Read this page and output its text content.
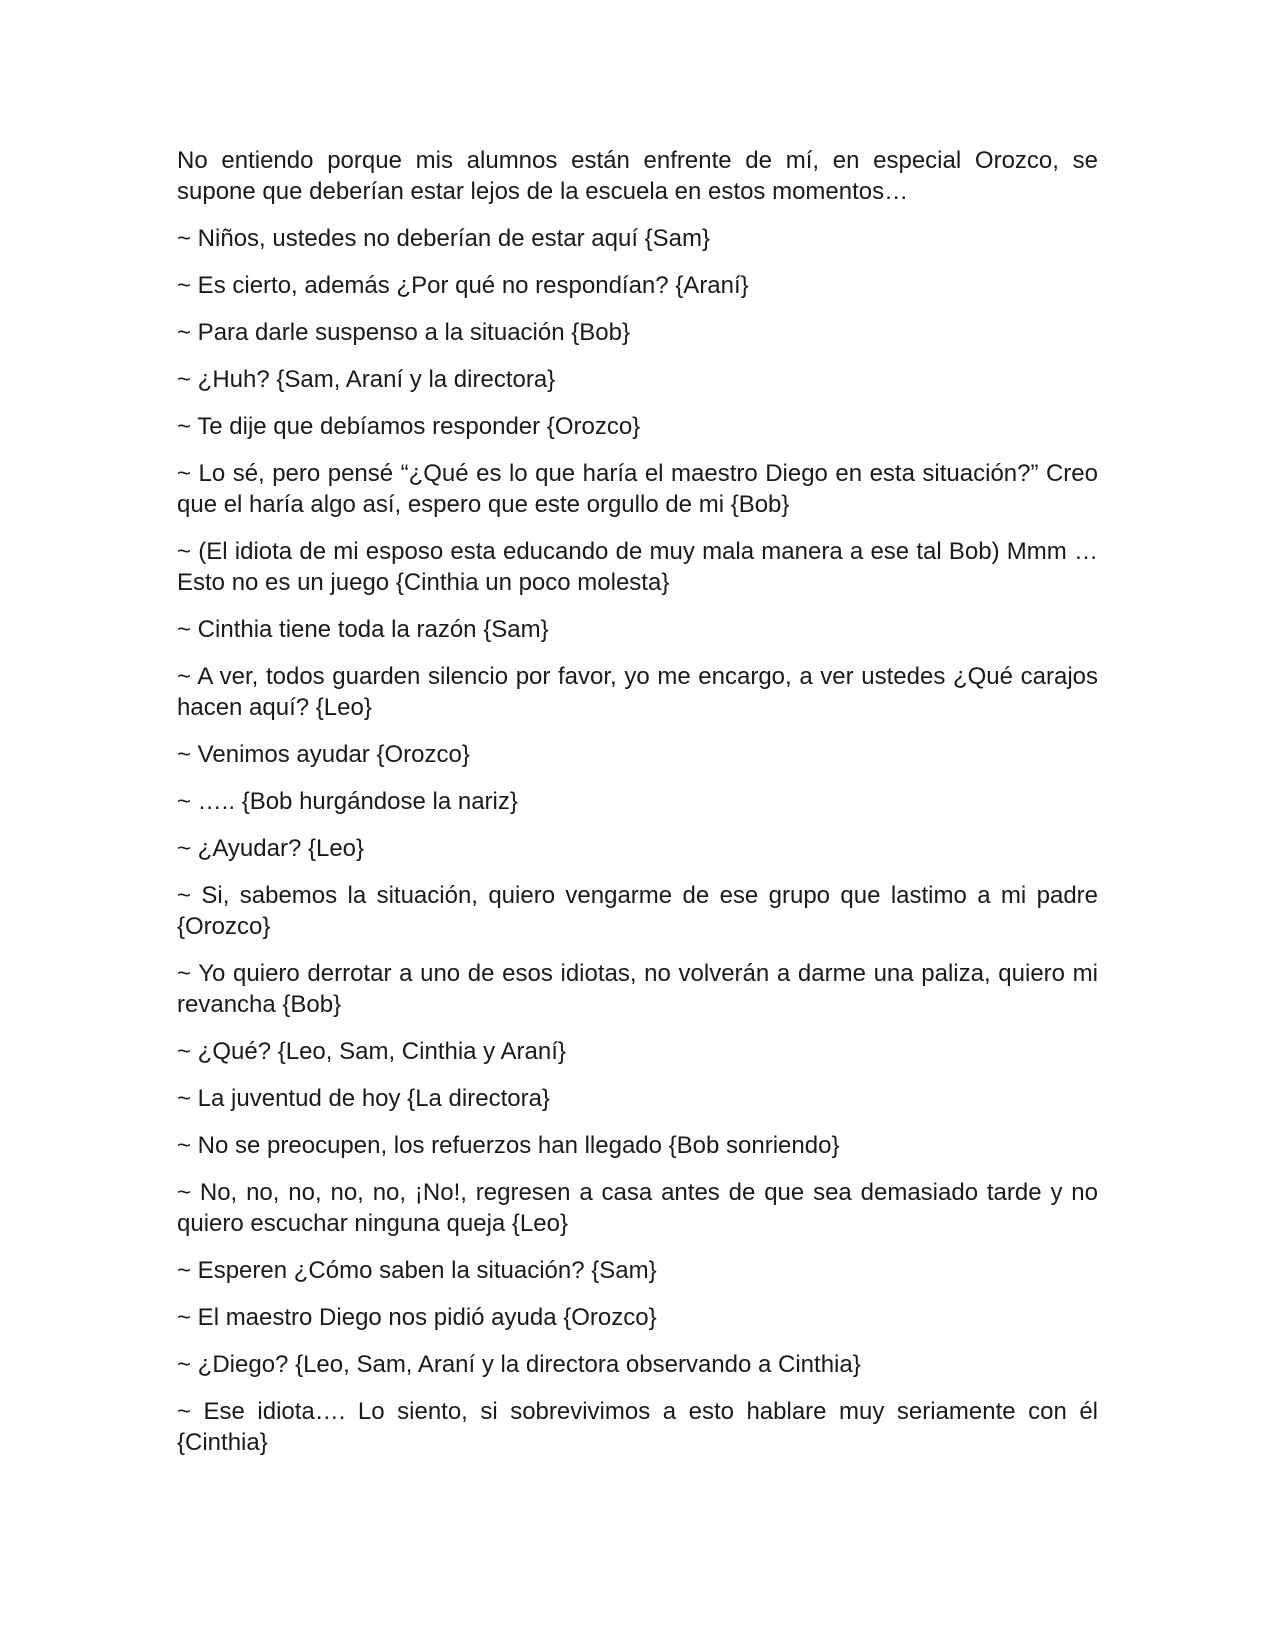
No entiendo porque mis alumnos están enfrente de mí, en especial Orozco, se supone que deberían estar lejos de la escuela en estos momentos…

~ Niños, ustedes no deberían de estar aquí {Sam}

~ Es cierto, además ¿Por qué no respondían? {Araní}

~ Para darle suspenso a la situación {Bob}

~ ¿Huh? {Sam, Araní y la directora}

~ Te dije que debíamos responder {Orozco}

~ Lo sé, pero pensé “¿Qué es lo que haría el maestro Diego en esta situación?” Creo que el haría algo así, espero que este orgullo de mi {Bob}

~ (El idiota de mi esposo esta educando de muy mala manera a ese tal Bob) Mmm … Esto no es un juego {Cinthia un poco molesta}

~ Cinthia tiene toda la razón {Sam}

~ A ver, todos guarden silencio por favor, yo me encargo, a ver ustedes ¿Qué carajos hacen aquí? {Leo}

~ Venimos ayudar {Orozco}

~ ….. {Bob hurgándose la nariz}

~ ¿Ayudar? {Leo}

~ Si, sabemos la situación, quiero vengarme de ese grupo que lastimo a mi padre {Orozco}

~ Yo quiero derrotar a uno de esos idiotas, no volverán a darme una paliza, quiero mi revancha {Bob}

~ ¿Qué? {Leo, Sam, Cinthia y Araní}

~ La juventud de hoy {La directora}

~ No se preocupen, los refuerzos han llegado {Bob sonriendo}

~ No, no, no, no, no, ¡No!, regresen a casa antes de que sea demasiado tarde y no quiero escuchar ninguna queja {Leo}

~ Esperen ¿Cómo saben la situación? {Sam}

~ El maestro Diego nos pidió ayuda {Orozco}

~ ¿Diego? {Leo, Sam, Araní y la directora observando a Cinthia}

~ Ese idiota…. Lo siento, si sobrevivimos a esto hablare muy seriamente con él {Cinthia}
